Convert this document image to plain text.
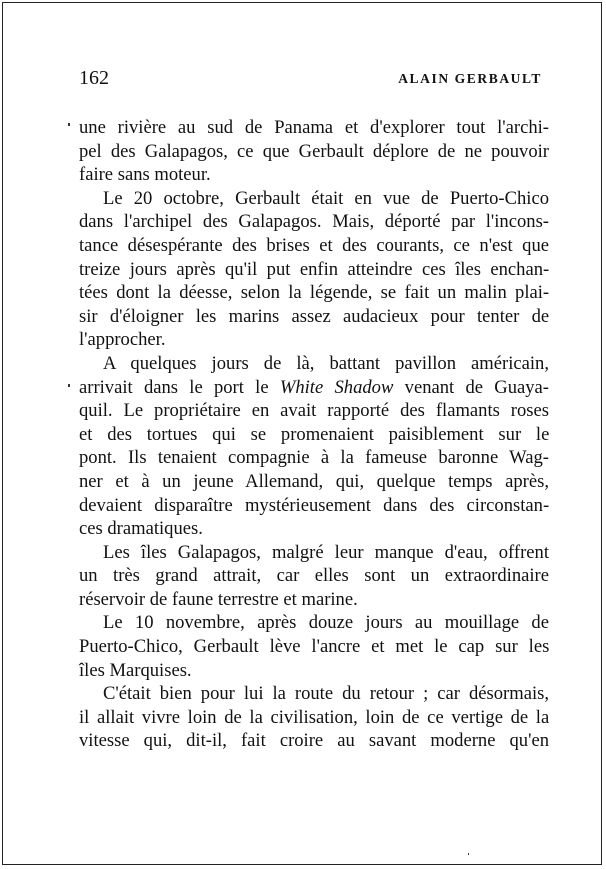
162	ALAIN GERBAULT
une rivière au sud de Panama et d'explorer tout l'archi-
pel des Galapagos, ce que Gerbault déplore de ne pouvoir
faire sans moteur.
Le 20 octobre, Gerbault était en vue de Puerto-Chico
dans l'archipel des Galapagos. Mais, déporté par l'incons-
tance désespérante des brises et des courants, ce n'est que
treize jours après qu'il put enfin atteindre ces îles enchan-
tées dont la déesse, selon la légende, se fait un malin plai-
sir d'éloigner les marins assez audacieux pour tenter de
l'approcher.
A quelques jours de là, battant pavillon américain,
arrivait dans le port le White Shadow venant de Guaya-
quil. Le propriétaire en avait rapporté des flamants roses
et des tortues qui se promenaient paisiblement sur le
pont. Ils tenaient compagnie à la fameuse baronne Wag-
ner et à un jeune Allemand, qui, quelque temps après,
devaient disparaître mystérieusement dans des circonstan-
ces dramatiques.
Les îles Galapagos, malgré leur manque d'eau, offrent
un très grand attrait, car elles sont un extraordinaire
réservoir de faune terrestre et marine.
Le 10 novembre, après douze jours au mouillage de
Puerto-Chico, Gerbault lève l'ancre et met le cap sur les
îles Marquises.
C'était bien pour lui la route du retour ; car désormais,
il allait vivre loin de la civilisation, loin de ce vertige de la
vitesse qui, dit-il, fait croire au savant moderne qu'en
